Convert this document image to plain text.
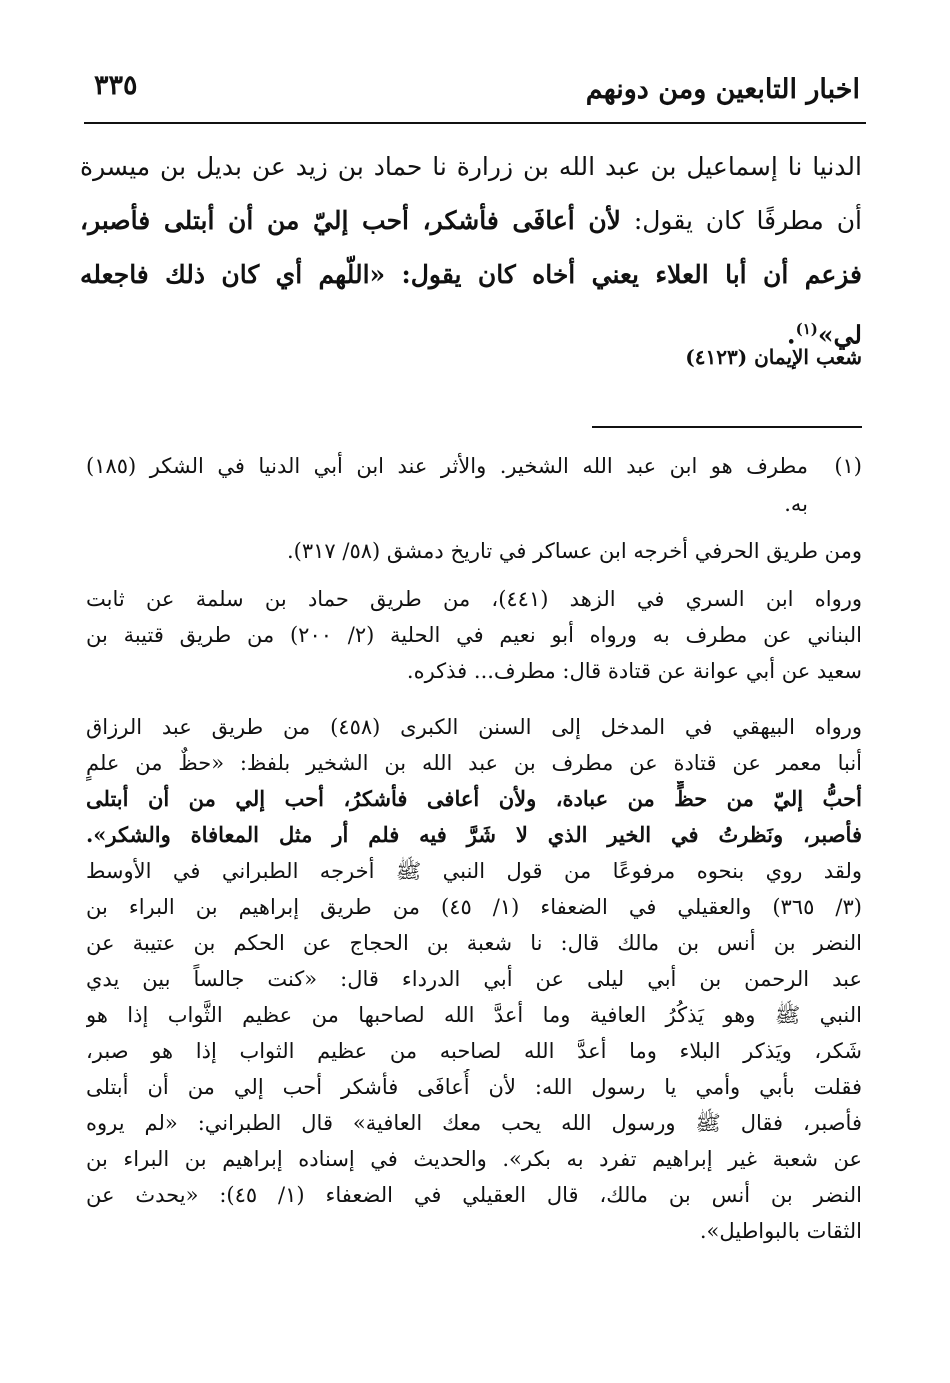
اخبار التابعين ومن دونهم
٣٣٥
الدنيا نا إسماعيل بن عبد الله بن زرارة نا حماد بن زيد عن بديل بن ميسرة
أن مطرفًا كان يقول: لأن أعافَى فأشكر، أحب إليّ من أن أبتلى فأصبر،
فزعم أن أبا العلاء يعني أخاه كان يقول: «اللّهم أي كان ذلك فاجعله
لي»$^{(١)}$.
شعب الإيمان (٤١٢٣)
(١)
مطرف هو ابن عبد الله الشخير. والأثر عند ابن أبي الدنيا في الشكر (١٨٥)
به.
ومن طريق الحرفي أخرجه ابن عساكر في تاريخ دمشق (٥٨/ ٣١٧).
ورواه ابن السري في الزهد (٤٤١)، من طريق حماد بن سلمة عن ثابت
البناني عن مطرف به ورواه أبو نعيم في الحلية (٢/ ٢٠٠) من طريق قتيبة بن
سعيد عن أبي عوانة عن قتادة قال: مطرف... فذكره.
ورواه البيهقي في المدخل إلى السنن الكبرى (٤٥٨) من طريق عبد الرزاق
أنبا معمر عن قتادة عن مطرف بن عبد الله بن الشخير بلفظ: «حظٌ من علمٍ
أحبُّ إليّ من حظٍّ من عبادة، ولأن أعافى فأشكرُ، أحب إلي من أن أبتلى
فأصبر، ونَظرتُ في الخير الذي لا شَرَّ فيه فلم أر مثل المعافاة والشكر».
ولقد روي بنحوه مرفوعًا من قول النبي ﷺ أخرجه الطبراني في الأوسط
(٣/ ٣٦٥) والعقيلي في الضعفاء (١/ ٤٥) من طريق إبراهيم بن البراء بن
النضر بن أنس بن مالك قال: نا شعبة بن الحجاج عن الحكم بن عتيبة عن
عبد الرحمن بن أبي ليلى عن أبي الدرداء قال: «كنت جالساً بين يدي
النبي ﷺ وهو يَذكُرُ العافية وما أعدَّ الله لصاحبها من عظيم الثَّواب إذا هو
شَكر، ويَذكر البلاء وما أعدَّ الله لصاحبه من عظيم الثواب إذا هو صبر،
فقلت بأبي وأمي يا رسول الله: لأن أُعافَى فأشكر أحب إلي من أن أبتلى
فأصبر، فقال ﷺ ورسول الله يحب معك العافية» قال الطبراني: «لم يروه
عن شعبة غير إبراهيم تفرد به بكر». والحديث في إسناده إبراهيم بن البراء بن
النضر بن أنس بن مالك، قال العقيلي في الضعفاء (١/ ٤٥): «يحدث عن
الثقات بالبواطيل».
